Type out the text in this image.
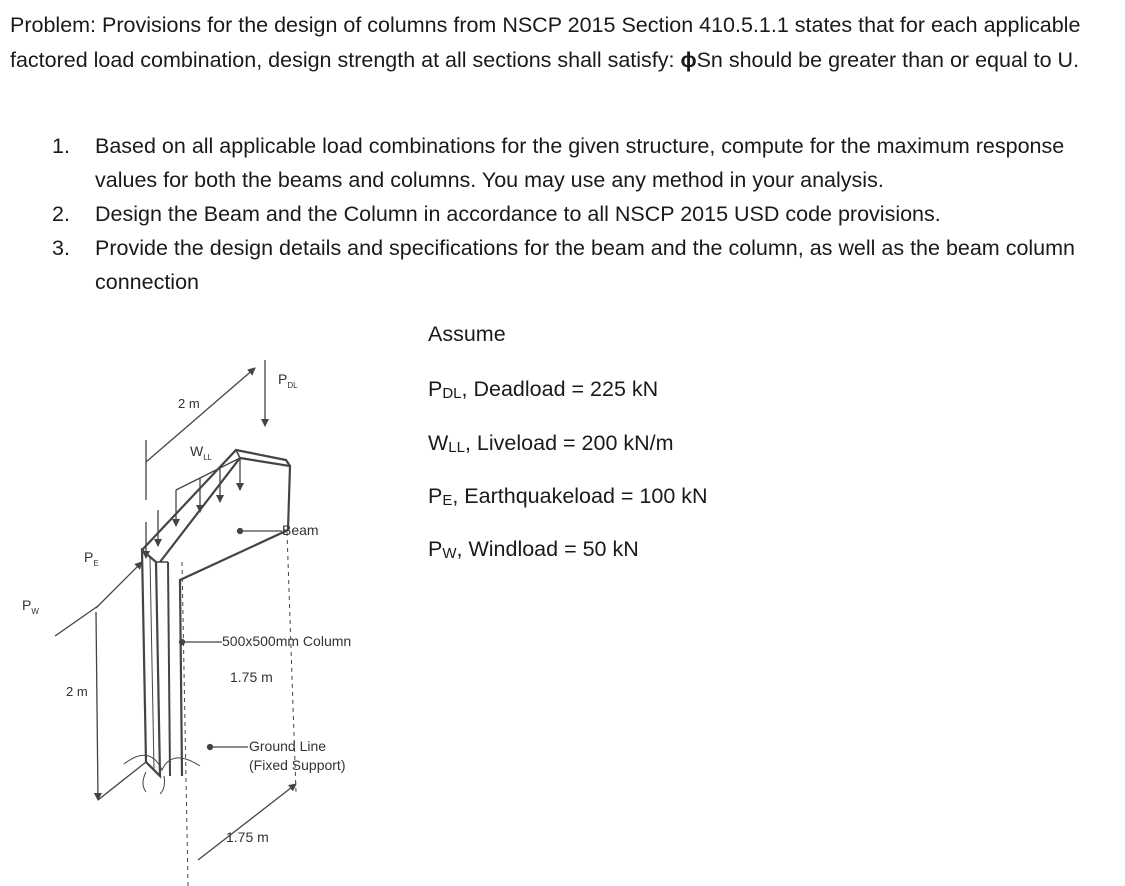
Problem: Provisions for the design of columns from NSCP 2015 Section 410.5.1.1 states that for each applicable factored load combination, design strength at all sections shall satisfy: ϕSn should be greater than or equal to U.

1. Based on all applicable load combinations for the given structure, compute for the maximum response values for both the beams and columns. You may use any method in your analysis.
2. Design the Beam and the Column in accordance to all NSCP 2015 USD code provisions.
3. Provide the design details and specifications for the beam and the column, as well as the beam column connection

Assume

PDL, Deadload = 225 kN
WLL, Liveload = 200 kN/m
PE, Earthquakeload = 100 kN
PW, Windload = 50 kN
2 m
$P_{DL}$
$W_{LL}$
Beam
$P_E$
$P_W$
500x500mm Column
1.75 m
2 m
Ground Line
(Fixed Support)
1.75 m
